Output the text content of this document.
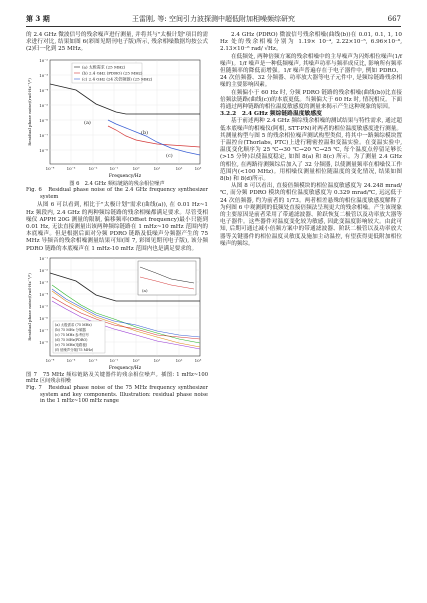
第 3 期	王雷刚, 等: 空间引力波探测中超低附加相噪频综研究	667

的 2.4 GHz 微波信号的残余噪声进行测量, 并将其与"太极计划"项目的需求进行对比, 结果如图 6(彩图见期刊电子版)所示, 残余相噪数据均按公式(2)归一化到 25 MHz。

(a)
(b)
(c)
(a) 太极需求 (25 MHz)
(b) 2.4 GHz (PDRO) (25 MHz)
(c) 2.4 GHz (24 次倍频器) (25 MHz)
10⁻²
10⁻³
10⁻⁴
10⁻⁵
10⁻⁶
10⁻⁷
10⁻⁸
10⁻⁴	10⁻³	10⁻²	10⁻¹	10⁰	10¹	10²	10³
Frequency/Hz
Residual phase noise/(rad·Hz⁻¹/²)
图 6　2.4 GHz 频综链路的残余相位噪声
Fig. 6　 Residual phase noise of the 2.4 GHz frequency synthesizer system

从图 6 可以看到, 相比于"太极计划"需求(曲线(a)), 在 0.01 Hz~1 Hz 频段内, 2.4 GHz 的两种频综链路的残余相噪都满足要求。尽管受相噪仪 APPH 20G 测量的限制, 偏移频率(Offset frequency)最小只能到 0.01 Hz, 无法直接测量出该两种频综链路在 1 mHz~10 mHz 范围内的本底噪声。但是根据后面对分频 PDRO 链路及低噪声分频器产生的 75 MHz 导频音的残余相噪测量结果可知(图 7, 彩图见期刊电子版), 该分频 PDRO 链路的本底噪声在 1 mHz-10 mHz 范围内也是满足要求的。

(a)
(a) 太极需求 (75 MHz)
(b) 75 MHz 分频器
(c) 75 MHz 参考信号
(d) 75 MHz(PDRO)
(e) 75 MHz(电路板)
(f) 低噪声分频(75 MHz)
10⁻¹
10⁻²
10⁻³
10⁻⁴
10⁻⁵
10⁻⁶
10⁻⁷
10⁻⁸
10⁻⁴	10⁻³	10⁻²	10⁻¹	10⁰	10¹	10²	10³
Frequency/Hz
Residual phase noise/(rad·Hz⁻¹/²)
图 7　75 MHz 频综链路及关键器件的残余相位噪声。插图: 1 mHz~100 mHz 区间残余相噪
Fig. 7　 Residual phase noise of the 75 MHz frequency synthesizer system and key components. Illustration: residual phase noise in the 1 mHz~100 mHz range

2.4 GHz (PDRO) 微波信号残余相噪(曲线(b))在 0.01, 0.1, 1, 10 Hz 处的残余相噪分别为 1.19× 10⁻⁴, 2.22×10⁻⁵, 6.96×10⁻⁶, 2.13×10⁻⁶ rad/ √Hz。

在低频处, 两种倍频方案的残余相噪中的主导噪声为闪烁相位噪声(1/f噪声)。1/f 噪声是一种低频噪声, 其噪声功率与频率成反比, 影响所有频率但随频率的降低而增强。1/f 噪声普遍存在于电子器件中, 例如 PDRO、24 次倍频器、32 分频器、功率放大器等电子元件中, 是频综链路残余相噪的主要影响因素。

在频偏小于 60 Hz 时, 分频 PDRO 链路的残余相噪(曲线(b))比直接倍频法链路(曲线(c))的本底更低。当频偏大于 60 Hz 时, 情况相反。下面将通过两种链路的相位温度敏感度的测量来揭示产生这种现象的原因。

3.2.2　2.4 GHz 频综链路温度敏感度

基于前述两种 2.4 GHz 频综残余相噪的测试结果与特性需求, 通过超低本底噪声的相噪仪(阿相, STT-PN)对两者的相位温度敏感度进行测量。其测量构型与图 5 的残余相位噪声测试构型类似, 将其中一路频综模块置于温控台(Thorlabs, PTC)上进行精密控温和变温实验。在变温实验中, 温度变化顺序为 25 ℃→30 ℃→20 ℃→25 ℃, 每个温度点停留足够长(>15 分钟)以使温度稳定, 如图 8(a) 和 8(c) 所示。为了测量 2.4 GHz 的相位, 在两路待测频综后加入了 32 分频器, 以使测量频率在相噪仪工作范围内(<100 MHz)。用相噪仪测量相位随温度的变化情况, 结果如图 8(b) 和 8(d)所示。

从图 8 可以看出, 直接倍频模块的相位温度敏感度为 24.248 mrad/℃, 而分频 PDRO 模块的相位温度敏感度为 0.329 mrad/℃, 远远低于 24 次倍频器, 约为前者的 1/73。两者相差悬殊的相位温度敏感度解释了为何图 6 中观测到的低频处直接倍频法呈现更大的残余相噪。产生该现象的主要原因是前者采用了带通滤波器、阶跃恢复二极管以及功率放大器等电子器件。这些器件对温度变化较为敏感, 因此变温度影响较大。由此可知, 后期可通过减小倍频方案中的带通滤波器、阶跃二极管以及功率放大器等关键器件的相位温度灵敏度及施加主动温控, 有望获得更低附加相位噪声的频综。
